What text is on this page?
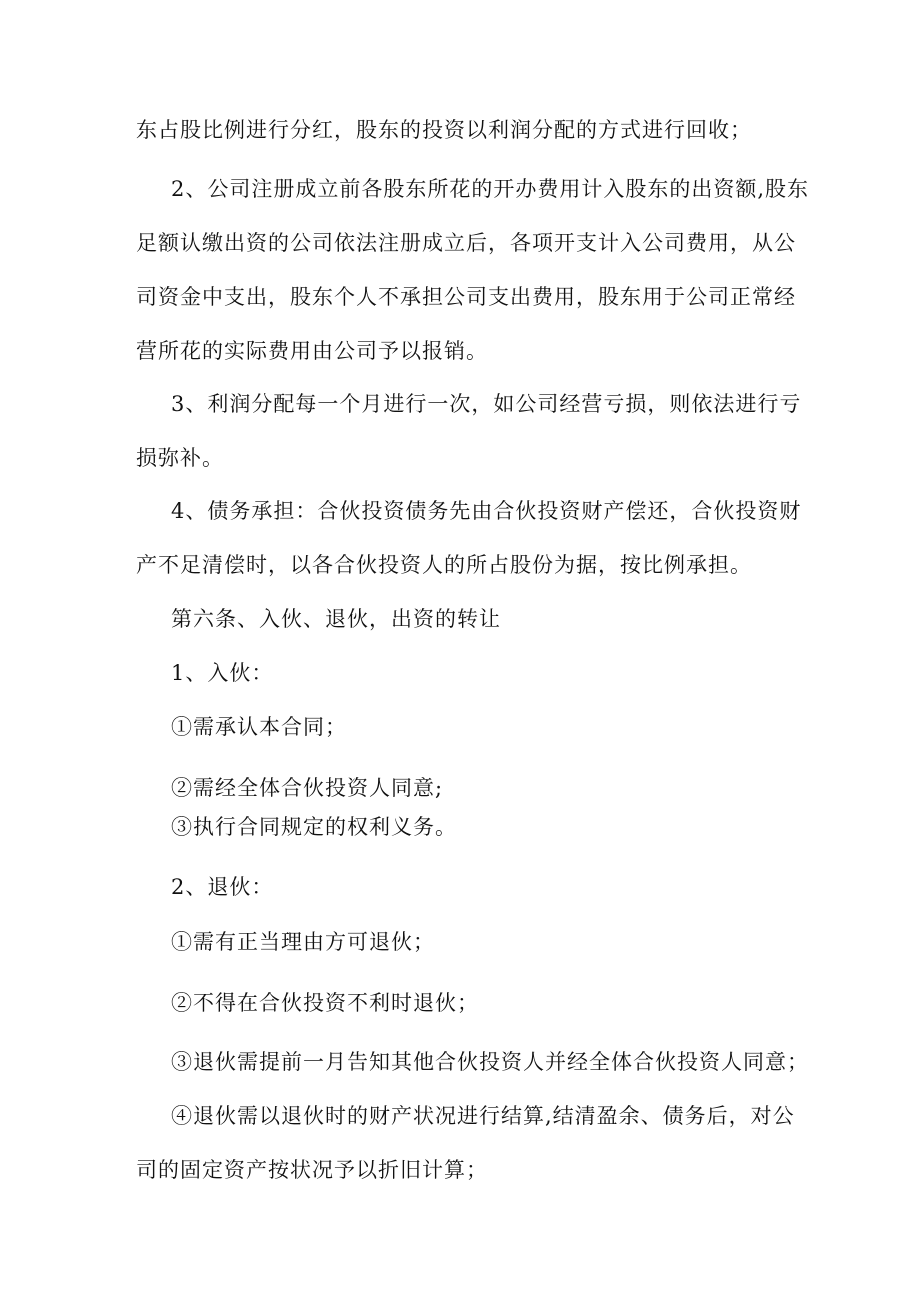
东占股比例进行分红，股东的投资以利润分配的方式进行回收；
2、公司注册成立前各股东所花的开办费用计入股东的出资额,股东
足额认缴出资的公司依法注册成立后，各项开支计入公司费用，从公
司资金中支出，股东个人不承担公司支出费用，股东用于公司正常经
营所花的实际费用由公司予以报销。
3、利润分配每一个月进行一次，如公司经营亏损，则依法进行亏
损弥补。
4、债务承担：合伙投资债务先由合伙投资财产偿还，合伙投资财
产不足清偿时，以各合伙投资人的所占股份为据，按比例承担。
第六条、入伙、退伙，出资的转让
1、入伙：
①需承认本合同；
②需经全体合伙投资人同意;
③执行合同规定的权利义务。
2、退伙：
①需有正当理由方可退伙；
②不得在合伙投资不利时退伙；
③退伙需提前一月告知其他合伙投资人并经全体合伙投资人同意；
④退伙需以退伙时的财产状况进行结算,结清盈余、债务后，对公
司的固定资产按状况予以折旧计算；
